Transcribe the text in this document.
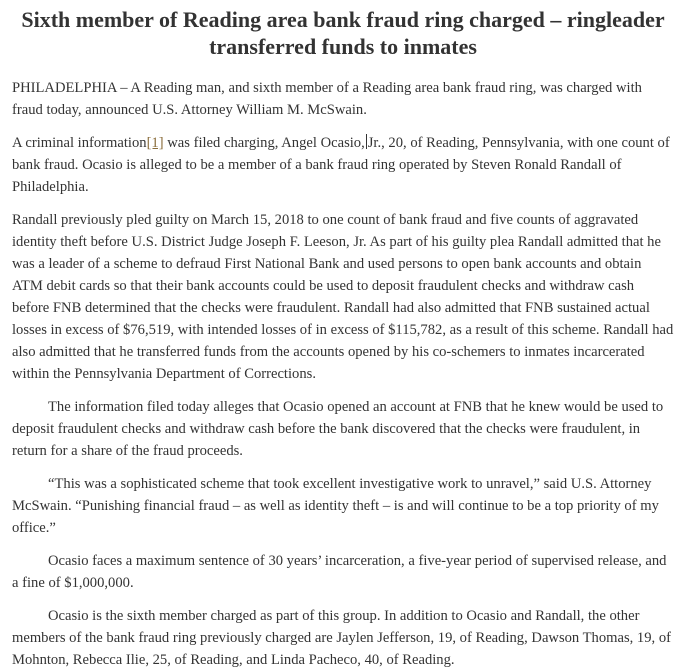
Sixth member of Reading area bank fraud ring charged – ringleader transferred funds to inmates

PHILADELPHIA – A Reading man, and sixth member of a Reading area bank fraud ring, was charged with fraud today, announced U.S. Attorney William M. McSwain.

A criminal information[1] was filed charging, Angel Ocasio, Jr., 20, of Reading, Pennsylvania, with one count of bank fraud. Ocasio is alleged to be a member of a bank fraud ring operated by Steven Ronald Randall of Philadelphia.

Randall previously pled guilty on March 15, 2018 to one count of bank fraud and five counts of aggravated identity theft before U.S. District Judge Joseph F. Leeson, Jr. As part of his guilty plea Randall admitted that he was a leader of a scheme to defraud First National Bank and used persons to open bank accounts and obtain ATM debit cards so that their bank accounts could be used to deposit fraudulent checks and withdraw cash before FNB determined that the checks were fraudulent. Randall had also admitted that FNB sustained actual losses in excess of $76,519, with intended losses of in excess of $115,782, as a result of this scheme. Randall had also admitted that he transferred funds from the accounts opened by his co-schemers to inmates incarcerated within the Pennsylvania Department of Corrections.

The information filed today alleges that Ocasio opened an account at FNB that he knew would be used to deposit fraudulent checks and withdraw cash before the bank discovered that the checks were fraudulent, in return for a share of the fraud proceeds.

“This was a sophisticated scheme that took excellent investigative work to unravel,” said U.S. Attorney McSwain. “Punishing financial fraud – as well as identity theft – is and will continue to be a top priority of my office.”

Ocasio faces a maximum sentence of 30 years’ incarceration, a five-year period of supervised release, and a fine of $1,000,000.

Ocasio is the sixth member charged as part of this group. In addition to Ocasio and Randall, the other members of the bank fraud ring previously charged are Jaylen Jefferson, 19, of Reading, Dawson Thomas, 19, of Mohnton, Rebecca Ilie, 25, of Reading, and Linda Pacheco, 40, of Reading.
